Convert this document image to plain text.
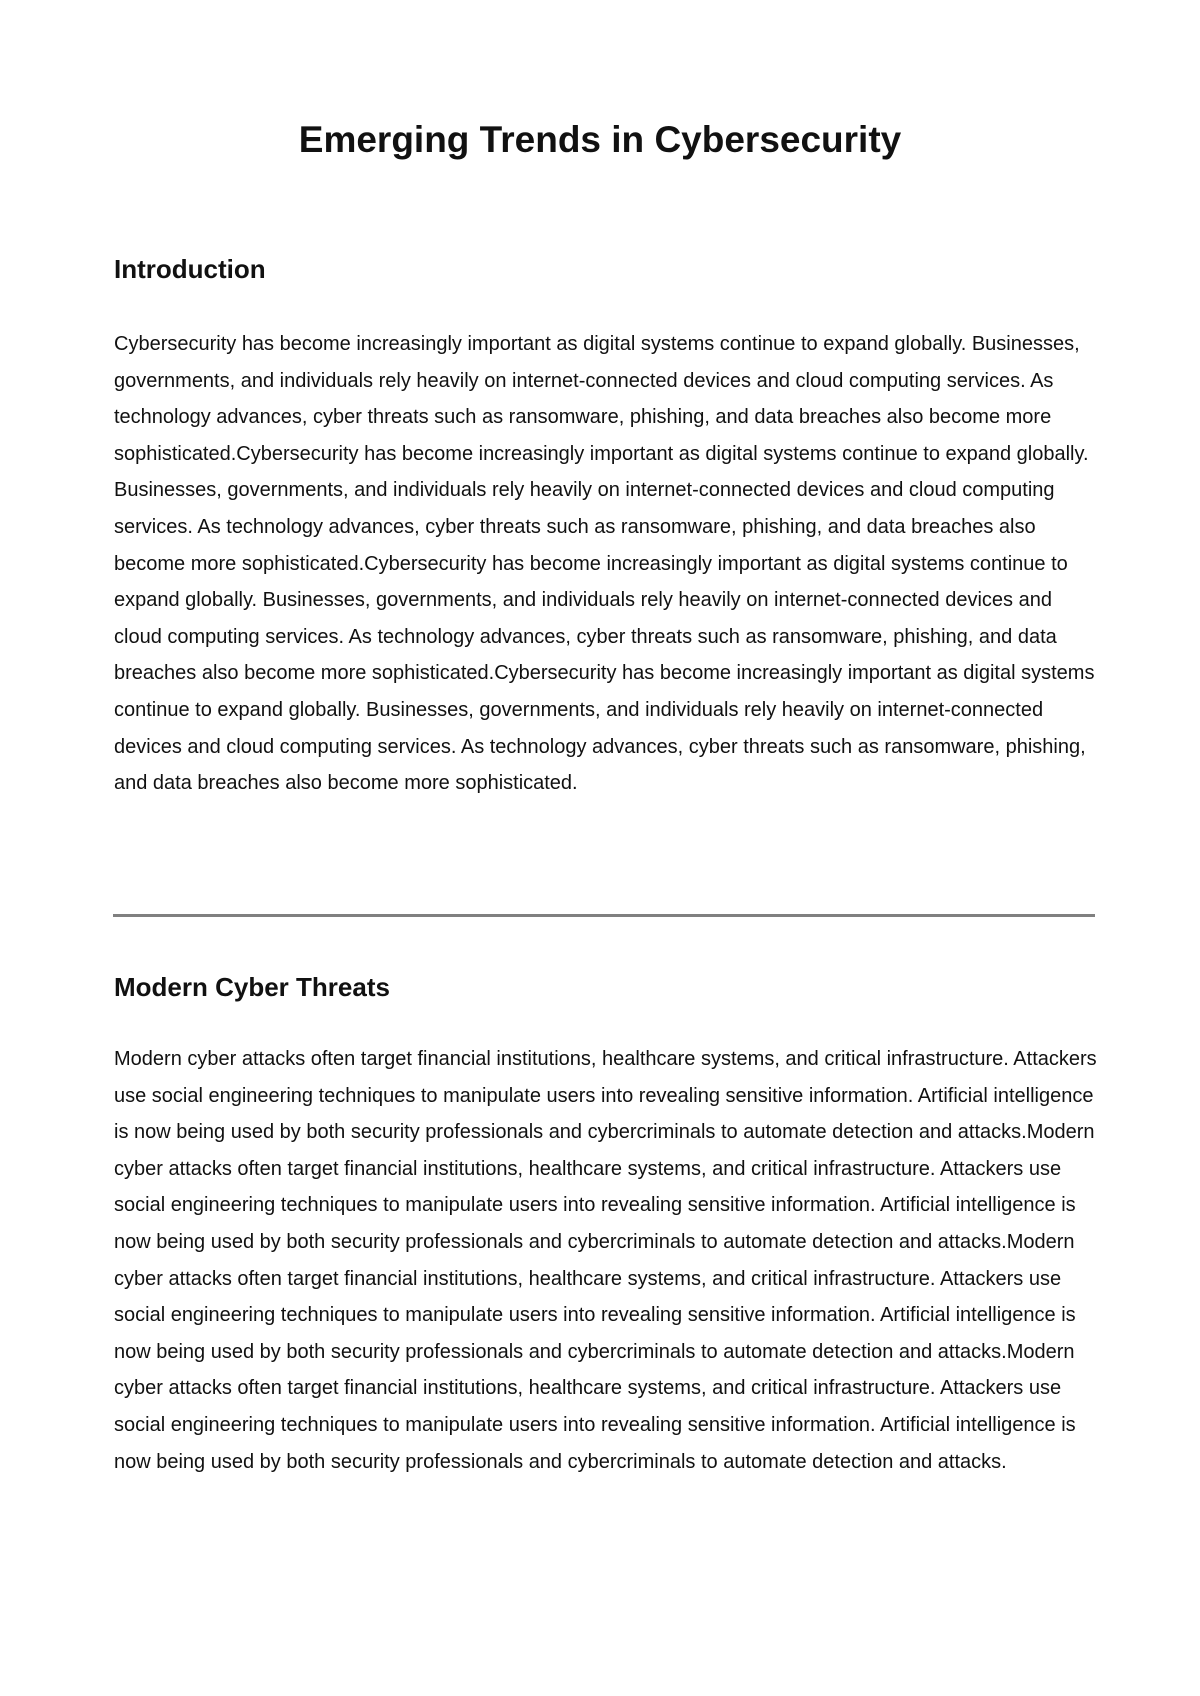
Emerging Trends in Cybersecurity
Introduction

Cybersecurity has become increasingly important as digital systems continue to expand globally. Businesses, governments, and individuals rely heavily on internet-connected devices and cloud computing services. As technology advances, cyber threats such as ransomware, phishing, and data breaches also become more sophisticated.Cybersecurity has become increasingly important as digital systems continue to expand globally. Businesses, governments, and individuals rely heavily on internet-connected devices and cloud computing services. As technology advances, cyber threats such as ransomware, phishing, and data breaches also become more sophisticated.Cybersecurity has become increasingly important as digital systems continue to expand globally. Businesses, governments, and individuals rely heavily on internet-connected devices and cloud computing services. As technology advances, cyber threats such as ransomware, phishing, and data breaches also become more sophisticated.Cybersecurity has become increasingly important as digital systems continue to expand globally. Businesses, governments, and individuals rely heavily on internet-connected devices and cloud computing services. As technology advances, cyber threats such as ransomware, phishing, and data breaches also become more sophisticated.

Modern Cyber Threats

Modern cyber attacks often target financial institutions, healthcare systems, and critical infrastructure. Attackers use social engineering techniques to manipulate users into revealing sensitive information. Artificial intelligence is now being used by both security professionals and cybercriminals to automate detection and attacks.Modern cyber attacks often target financial institutions, healthcare systems, and critical infrastructure. Attackers use social engineering techniques to manipulate users into revealing sensitive information. Artificial intelligence is now being used by both security professionals and cybercriminals to automate detection and attacks.Modern cyber attacks often target financial institutions, healthcare systems, and critical infrastructure. Attackers use social engineering techniques to manipulate users into revealing sensitive information. Artificial intelligence is now being used by both security professionals and cybercriminals to automate detection and attacks.Modern cyber attacks often target financial institutions, healthcare systems, and critical infrastructure. Attackers use social engineering techniques to manipulate users into revealing sensitive information. Artificial intelligence is now being used by both security professionals and cybercriminals to automate detection and attacks.
